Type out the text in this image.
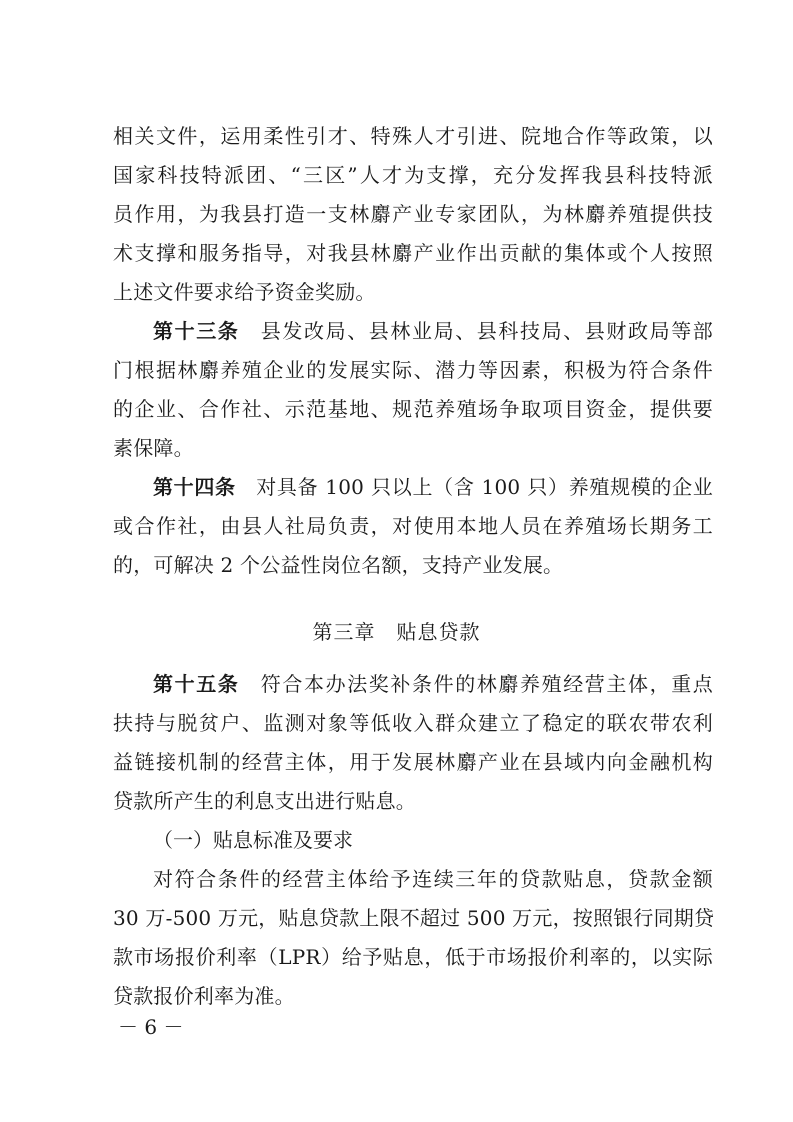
相关文件，运用柔性引才、特殊人才引进、院地合作等政策，以
国家科技特派团、“三区”人才为支撑，充分发挥我县科技特派
员作用，为我县打造一支林麝产业专家团队，为林麝养殖提供技
术支撑和服务指导，对我县林麝产业作出贡献的集体或个人按照
上述文件要求给予资金奖励。
第十三条 县发改局、县林业局、县科技局、县财政局等部
门根据林麝养殖企业的发展实际、潜力等因素，积极为符合条件
的企业、合作社、示范基地、规范养殖场争取项目资金，提供要
素保障。
第十四条 对具备 100 只以上（含 100 只）养殖规模的企业
或合作社，由县人社局负责，对使用本地人员在养殖场长期务工
的，可解决 2 个公益性岗位名额，支持产业发展。
第三章　贴息贷款
第十五条 符合本办法奖补条件的林麝养殖经营主体，重点
扶持与脱贫户、监测对象等低收入群众建立了稳定的联农带农利
益链接机制的经营主体，用于发展林麝产业在县域内向金融机构
贷款所产生的利息支出进行贴息。
（一）贴息标准及要求
对符合条件的经营主体给予连续三年的贷款贴息，贷款金额
30 万-500 万元，贴息贷款上限不超过 500 万元，按照银行同期贷
款市场报价利率（LPR）给予贴息，低于市场报价利率的，以实际
贷款报价利率为准。
－ 6 －
